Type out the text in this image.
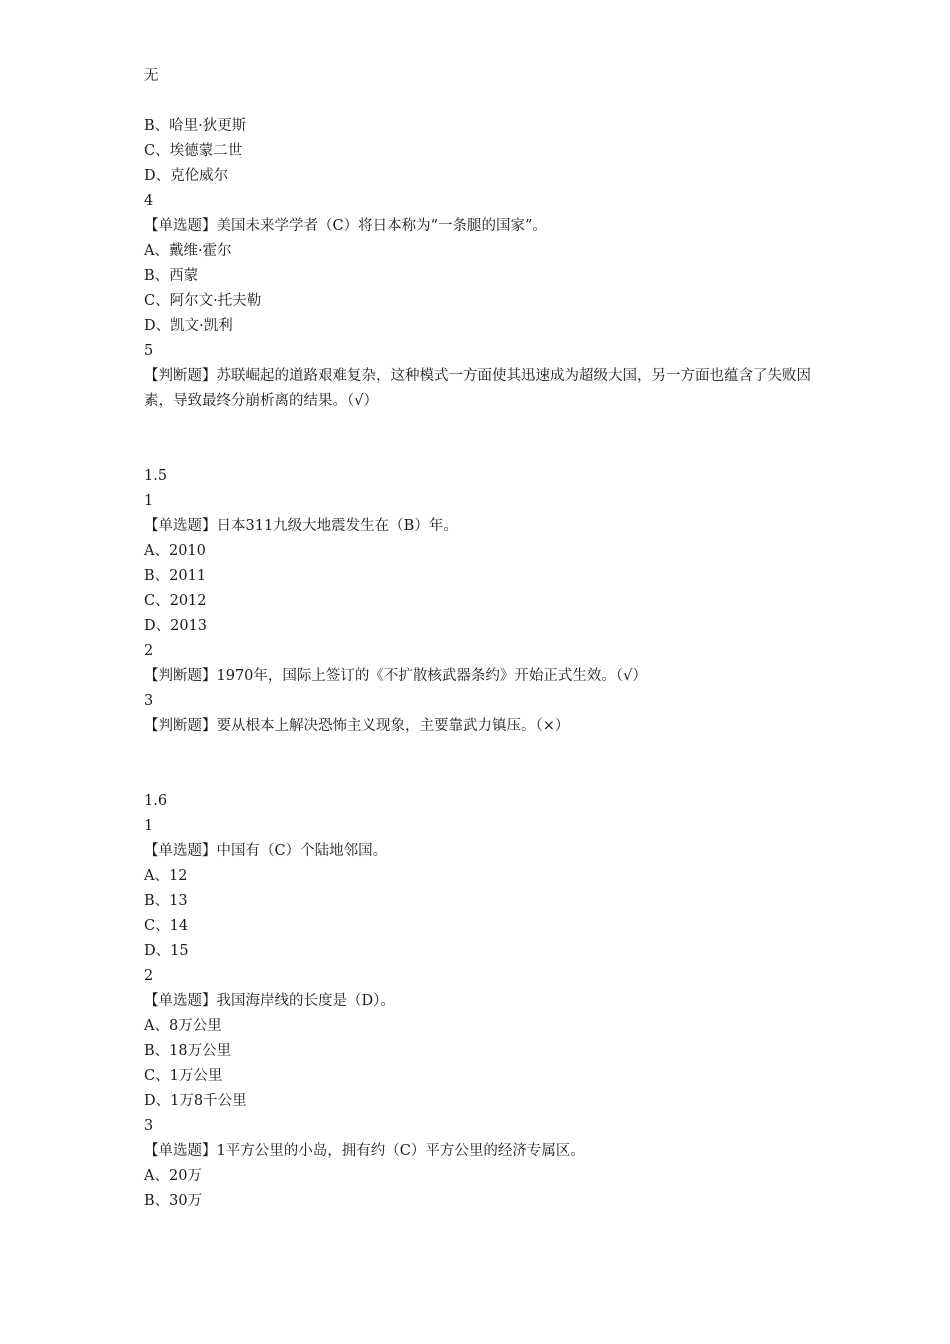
无

B、哈里·狄更斯

C、埃德蒙二世

D、克伦威尔

4

【单选题】美国未来学学者（C）将日本称为“一条腿的国家”。

A、戴维·霍尔

B、西蒙

C、阿尔文·托夫勒

D、凯文·凯利

5

【判断题】苏联崛起的道路艰难复杂，这种模式一方面使其迅速成为超级大国，另一方面也蕴含了失败因素，导致最终分崩析离的结果。（√）

1.5

1

【单选题】日本311九级大地震发生在（B）年。

A、2010

B、2011

C、2012

D、2013

2

【判断题】1970年，国际上签订的《不扩散核武器条约》开始正式生效。（√）

3

【判断题】要从根本上解决恐怖主义现象，主要靠武力镇压。（×）

1.6

1

【单选题】中国有（C）个陆地邻国。

A、12

B、13

C、14

D、15

2

【单选题】我国海岸线的长度是（D）。

A、8万公里

B、18万公里

C、1万公里

D、1万8千公里

3

【单选题】1平方公里的小岛，拥有约（C）平方公里的经济专属区。

A、20万

B、30万
